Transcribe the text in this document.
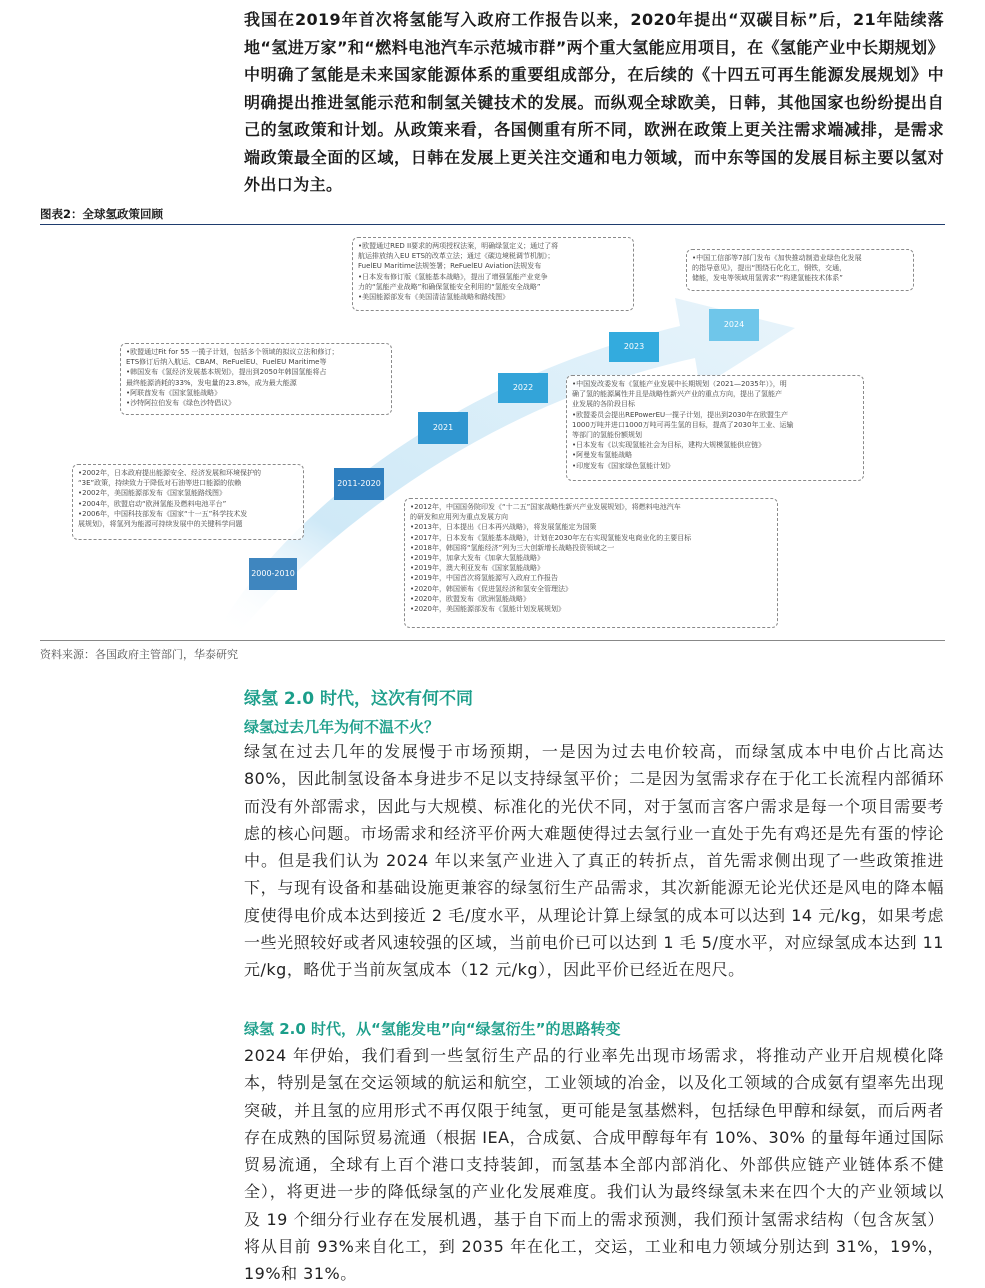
我国在2019年首次将氢能写入政府工作报告以来，2020年提出“双碳目标”后，21年陆续落地“氢进万家”和“燃料电池汽车示范城市群”两个重大氢能应用项目，在《氢能产业中长期规划》中明确了氢能是未来国家能源体系的重要组成部分，在后续的《十四五可再生能源发展规划》中明确提出推进氢能示范和制氢关键技术的发展。而纵观全球欧美，日韩，其他国家也纷纷提出自己的氢政策和计划。从政策来看，各国侧重有所不同，欧洲在政策上更关注需求端减排，是需求端政策最全面的区域，日韩在发展上更关注交通和电力领域，而中东等国的发展目标主要以氢对外出口为主。
图表2：全球氢政策回顾
2000-2010
2011-2020
2021
2022
2023
2024
•2002年，日本政府提出能源安全、经济发展和环境保护的
“3E”政策，持续致力于降低对石油等进口能源的依赖
•2002年，美国能源部发布《国家氢能路线图》
•2004年，欧盟启动“欧洲氢能及燃料电池平台”
•2006年，中国科技部发布《国家“十一五”科学技术发
展规划》，将氢列为能源可持续发展中的关键科学问题
•2012年，中国国务院印发《“十二五”国家战略性新兴产业发展规划》，将燃料电池汽车
的研发和应用列为重点发展方向
•2013年，日本提出《日本再兴战略》，将发展氢能定为国策
•2017年，日本发布《氢能基本战略》，计划在2030年左右实现氢能发电商业化的主要目标
•2018年，韩国将“氢能经济”列为三大创新增长战略投资领域之一
•2019年，加拿大发布《加拿大氢能战略》
•2019年，澳大利亚发布《国家氢能战略》
•2019年，中国首次将氢能源写入政府工作报告
•2020年，韩国颁布《促进氢经济和氢安全管理法》
•2020年，欧盟发布《欧洲氢能战略》
•2020年，美国能源部发布《氢能计划发展规划》
•欧盟通过Fit for 55 一揽子计划，包括多个领域的拟议立法和修订；
ETS修订后纳入航运、CBAM、ReFuelEU、FuelEU Maritime等
•韩国发布《氢经济发展基本规划》，提出到2050年韩国氢能将占
最终能源消耗的33%，发电量的23.8%，成为最大能源
•阿联酋发布《国家氢能战略》
•沙特阿拉伯发布《绿色沙特倡议》
•中国发改委发布《氢能产业发展中长期规划（2021—2035年）》，明
确了氢的能源属性并且是战略性新兴产业的重点方向，提出了氢能产
业发展的各阶段目标
•欧盟委员会提出REPowerEU一揽子计划，提出到2030年在欧盟生产
1000万吨并进口1000万吨可再生氢的目标，提高了2030年工业、运输
等部门的氢能份额规划
•日本发布《以实现氢能社会为目标，建构大规模氢能供应链》
•阿曼发布氢能战略
•印度发布《国家绿色氢能计划》
•欧盟通过RED II要求的两项授权法案，明确绿氢定义；通过了将
航运排放纳入EU ETS的改革立法；通过《碳边境税调节机制》；
FuelEU Maritime法规签署；ReFuelEU Aviation法规发布
•日本发布修订版《氢能基本战略》，提出了增强氢能产业竞争
力的“氢能产业战略”和确保氢能安全利用的“氢能安全战略”
•美国能源部发布《美国清洁氢能战略和路线图》
•中国工信部等7部门发布《加快推动制造业绿色化发展
的指导意见》，提出“围绕石化化工，钢铁，交通，
储能，发电等领域用氢需求”“构建氢能技术体系”
资料来源：各国政府主管部门，华泰研究
绿氢 2.0 时代，这次有何不同
绿氢过去几年为何不温不火？
绿氢在过去几年的发展慢于市场预期，一是因为过去电价较高，而绿氢成本中电价占比高达 80%，因此制氢设备本身进步不足以支持绿氢平价；二是因为氢需求存在于化工长流程内部循环而没有外部需求，因此与大规模、标准化的光伏不同，对于氢而言客户需求是每一个项目需要考虑的核心问题。市场需求和经济平价两大难题使得过去氢行业一直处于先有鸡还是先有蛋的悖论中。但是我们认为 2024 年以来氢产业进入了真正的转折点，首先需求侧出现了一些政策推进下，与现有设备和基础设施更兼容的绿氢衍生产品需求，其次新能源无论光伏还是风电的降本幅度使得电价成本达到接近 2 毛/度水平，从理论计算上绿氢的成本可以达到 14 元/kg，如果考虑一些光照较好或者风速较强的区域，当前电价已可以达到 1 毛 5/度水平，对应绿氢成本达到 11 元/kg，略优于当前灰氢成本（12 元/kg），因此平价已经近在咫尺。
绿氢 2.0 时代，从“氢能发电”向“绿氢衍生”的思路转变
2024 年伊始，我们看到一些氢衍生产品的行业率先出现市场需求，将推动产业开启规模化降本，特别是氢在交运领域的航运和航空，工业领域的冶金，以及化工领域的合成氨有望率先出现突破，并且氢的应用形式不再仅限于纯氢，更可能是氢基燃料，包括绿色甲醇和绿氨，而后两者存在成熟的国际贸易流通（根据 IEA，合成氨、合成甲醇每年有 10%、30% 的量每年通过国际贸易流通，全球有上百个港口支持装卸，而氢基本全部内部消化、外部供应链产业链体系不健全），将更进一步的降低绿氢的产业化发展难度。我们认为最终绿氢未来在四个大的产业领域以及 19 个细分行业存在发展机遇，基于自下而上的需求预测，我们预计氢需求结构（包含灰氢）将从目前 93%来自化工，到 2035 年在化工，交运，工业和电力领域分别达到 31%，19%，19%和 31%。
